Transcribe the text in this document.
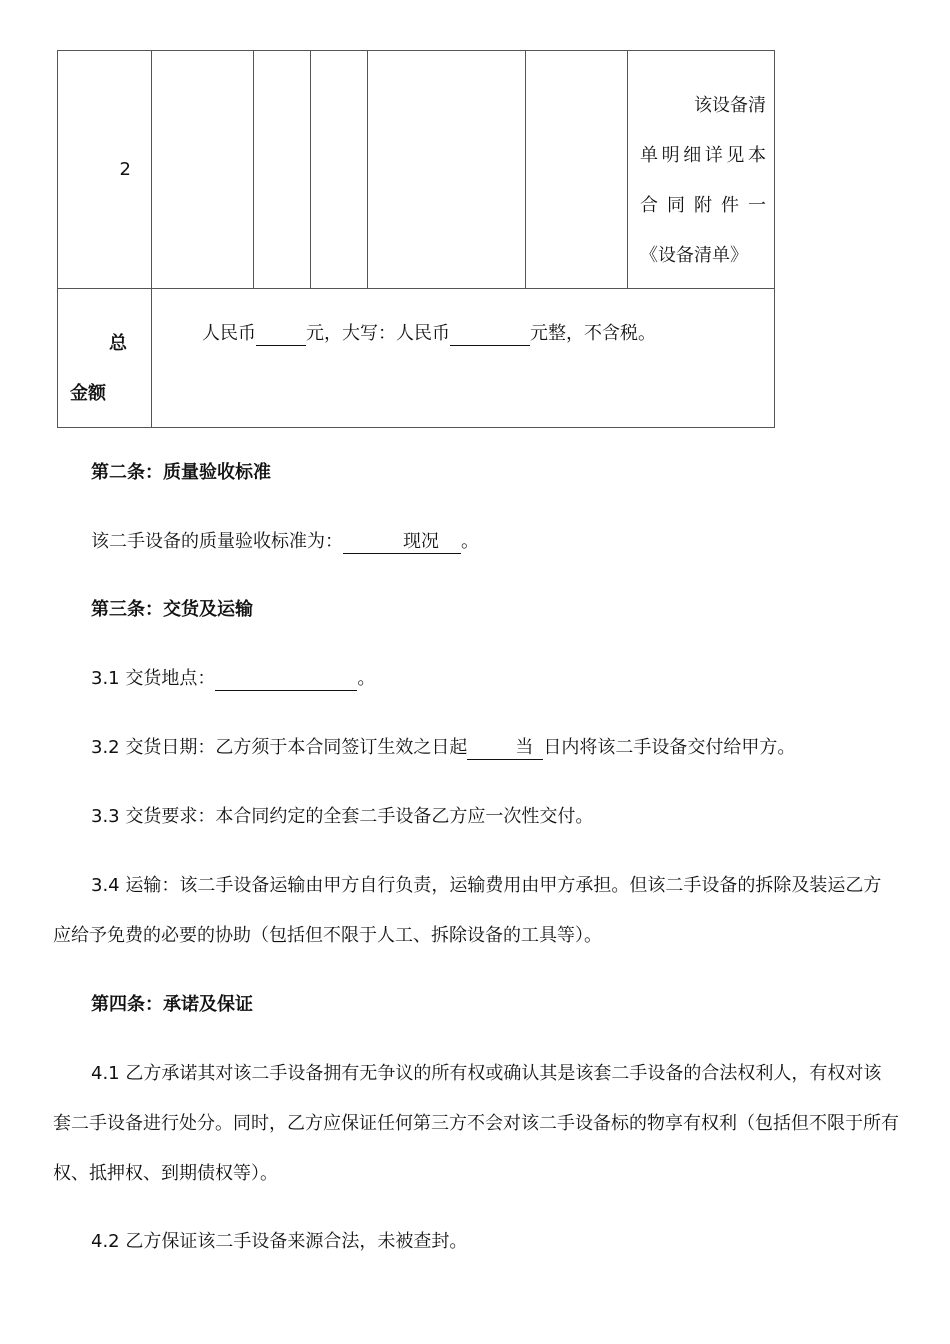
2						该设备清
单明细详见本
合同附件一
《设备清单》

总
金额	人民币 元，大写：人民币 元整，不含税。					

第二条：质量验收标准

该二手设备的质量验收标准为：	现况 。

第三条：交货及运输

3.1 交货地点：	。

3.2 交货日期：乙方须于本合同签订生效之日起	当 日内将该二手设备交付给甲方。

3.3 交货要求：本合同约定的全套二手设备乙方应一次性交付。

3.4 运输：该二手设备运输由甲方自行负责，运输费用由甲方承担。但该二手设备的拆除及装运乙方应给予免费的必要的协助（包括但不限于人工、拆除设备的工具等）。

第四条：承诺及保证

4.1 乙方承诺其对该二手设备拥有无争议的所有权或确认其是该套二手设备的合法权利人，有权对该套二手设备进行处分。同时，乙方应保证任何第三方不会对该二手设备标的物享有权利（包括但不限于所有权、抵押权、到期债权等）。

4.2 乙方保证该二手设备来源合法，未被查封。
